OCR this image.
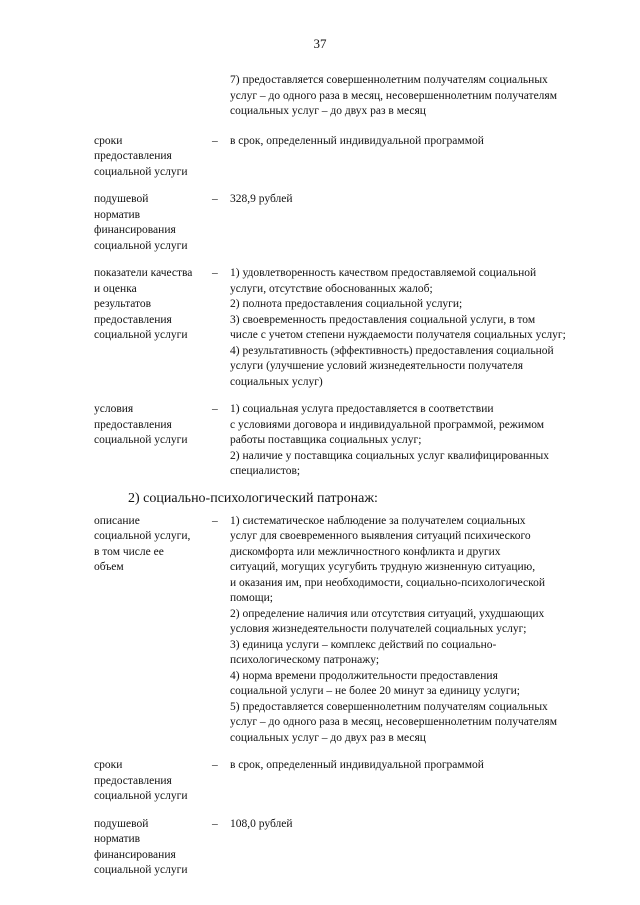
37
7) предоставляется совершеннолетним получателям социальных
услуг – до одного раза в месяц, несовершеннолетним получателям
социальных услуг – до двух раз в месяц
сроки
предоставления
социальной услуги
–	в срок, определенный индивидуальной программой
подушевой
норматив
финансирования
социальной услуги
–	328,9 рублей
показатели качества
и оценка
результатов
предоставления
социальной услуги
–	1) удовлетворенность качеством предоставляемой социальной
услуги, отсутствие обоснованных жалоб;
2) полнота предоставления социальной услуги;
3) своевременность предоставления социальной услуги, в том
числе с учетом степени нуждаемости получателя социальных услуг;
4) результативность (эффективность) предоставления социальной
услуги (улучшение условий жизнедеятельности получателя
социальных услуг)
условия
предоставления
социальной услуги
–	1) социальная услуга предоставляется в соответствии
с условиями договора и индивидуальной программой, режимом
работы поставщика социальных услуг;
2) наличие у поставщика социальных услуг квалифицированных
специалистов;
2) социально-психологический патронаж:
описание
социальной услуги,
в том числе ее
объем
–	1) систематическое наблюдение за получателем социальных
услуг для своевременного выявления ситуаций психического
дискомфорта или межличностного конфликта и других
ситуаций, могущих усугубить трудную жизненную ситуацию,
и оказания им, при необходимости, социально-психологической
помощи;
2) определение наличия или отсутствия ситуаций, ухудшающих
условия жизнедеятельности получателей социальных услуг;
3) единица услуги – комплекс действий по социально-
психологическому патронажу;
4) норма времени продолжительности предоставления
социальной услуги – не более 20 минут за единицу услуги;
5) предоставляется совершеннолетним получателям социальных
услуг – до одного раза в месяц, несовершеннолетним получателям
социальных услуг – до двух раз в месяц
сроки
предоставления
социальной услуги
–	в срок, определенный индивидуальной программой
подушевой
норматив
финансирования
социальной услуги
–	108,0 рублей
